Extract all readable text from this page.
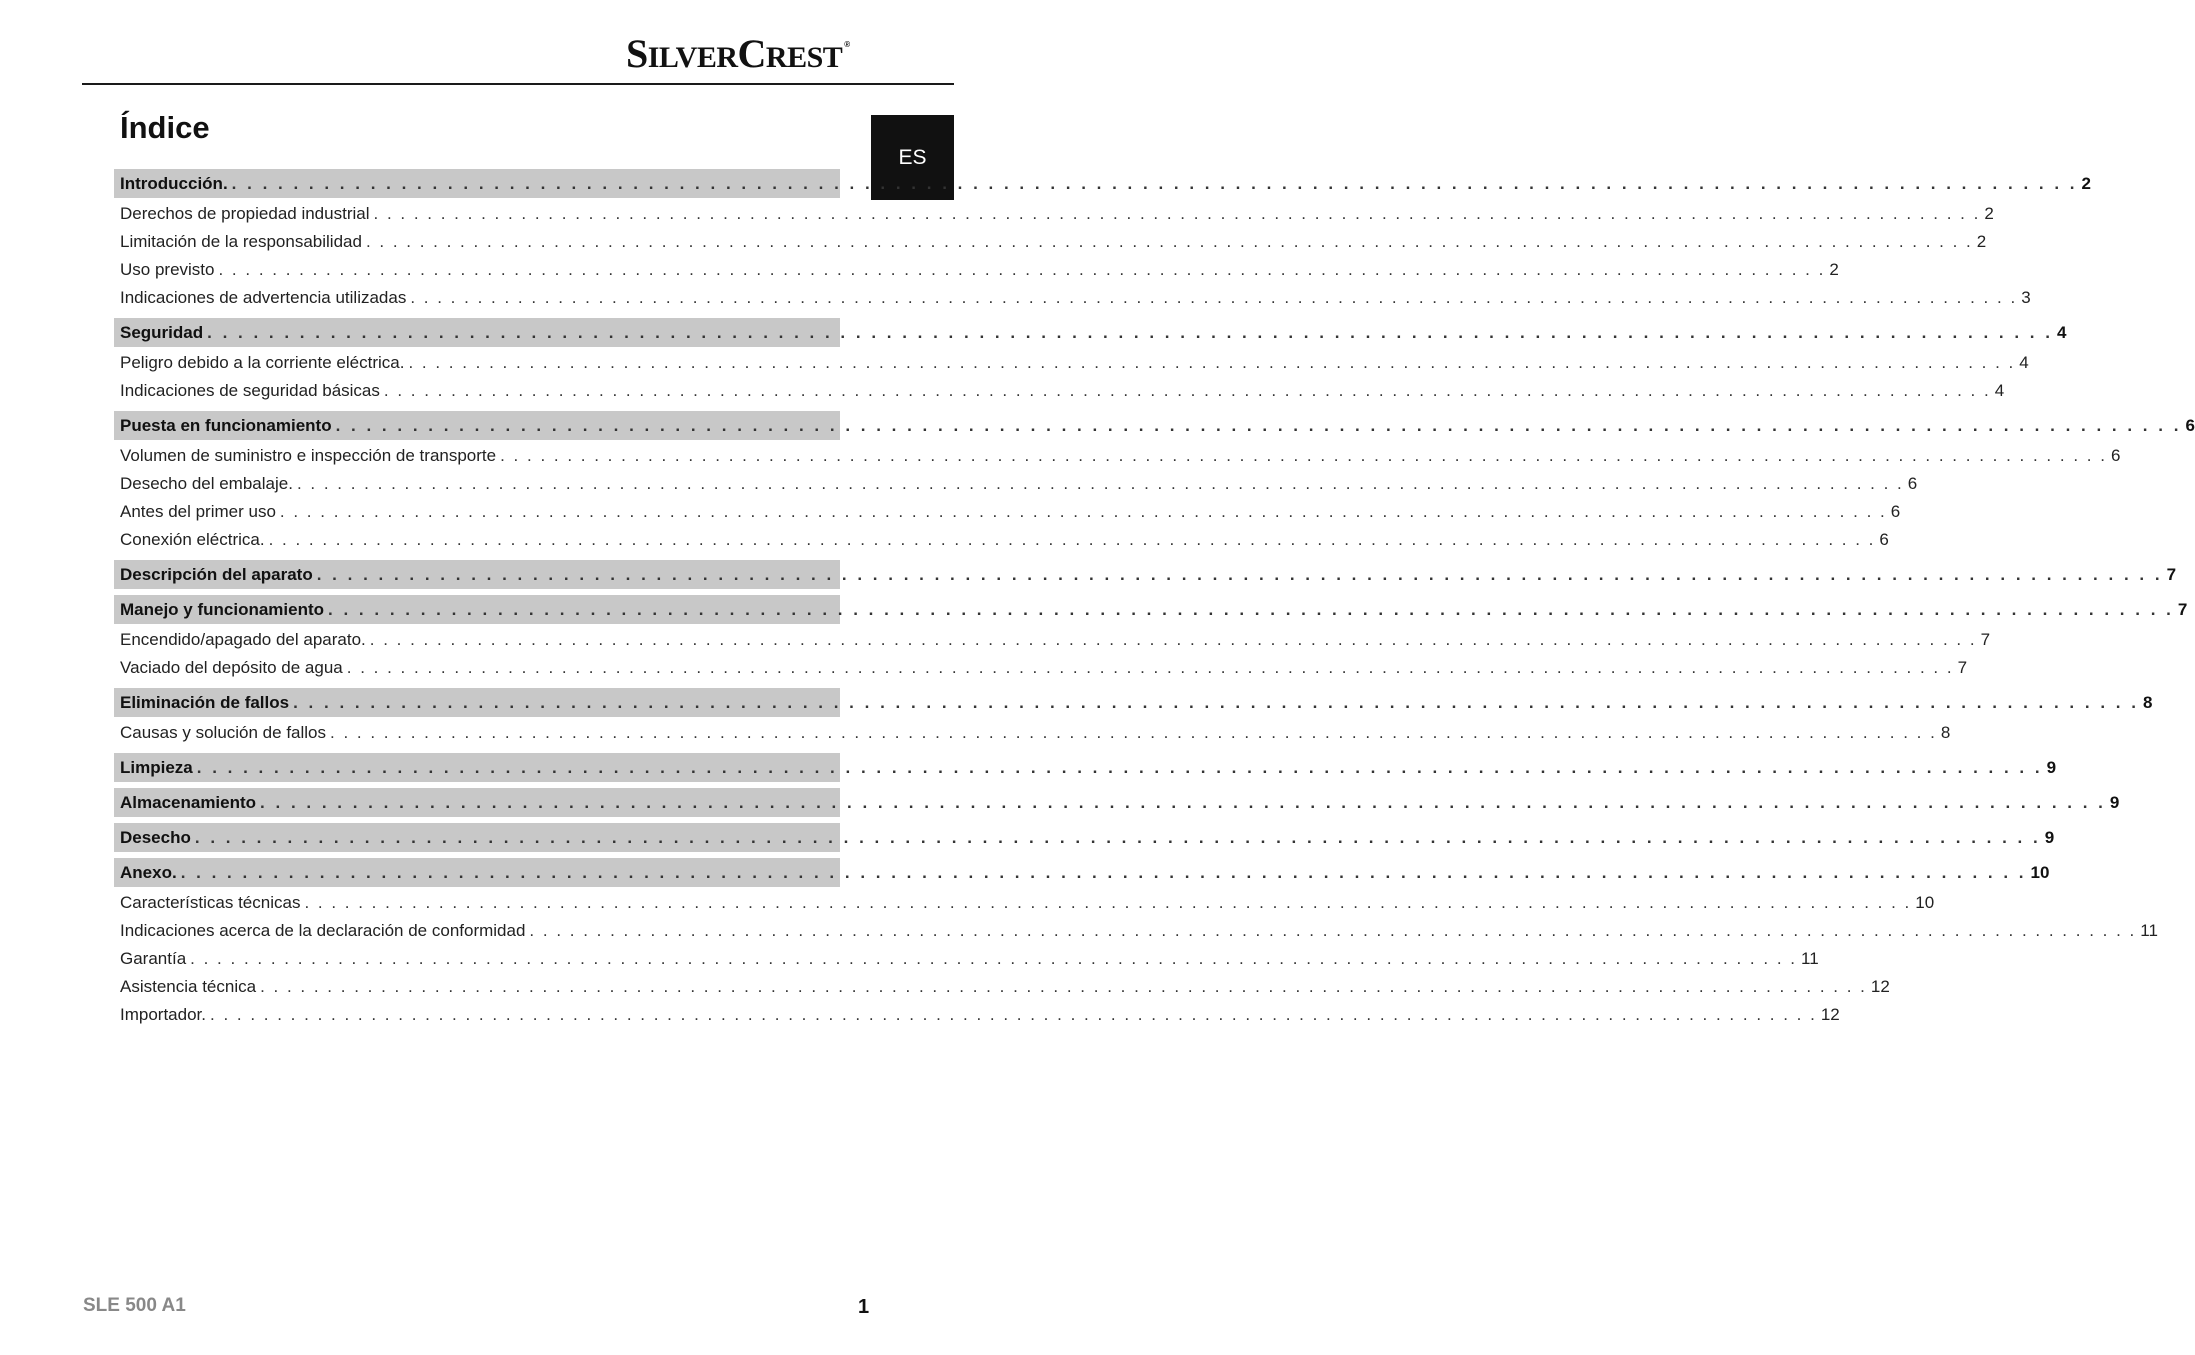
SILVERCREST ®
ES
Índice
Introducción. . . . . . . . . . . . . . . . . . . . . . . . . . . . . . . . . . . . . . . . . . . . . . . . . . . . . . . . . . . . . . . . . . . . . . . . . . . . . . . . . . . . . . . . . . . . . . . . . . . . . . . . . . . . . . . . . . . . . . . . . 2
Derechos de propiedad industrial . . . . . . . . . . . . . . . . . . . . . . . . . . . . . . . . . . . . . . . . . . . . . . . . . . . . . . . . . . . . . . . . . . . . . . . . . . . . . . . . . . . . . . . . . . . . . . . . . . . . . . . . . . . . . . . . . . . . . . . . 2
Limitación de la responsabilidad . . . . . . . . . . . . . . . . . . . . . . . . . . . . . . . . . . . . . . . . . . . . . . . . . . . . . . . . . . . . . . . . . . . . . . . . . . . . . . . . . . . . . . . . . . . . . . . . . . . . . . . . . . . . . . . . . . . . . . . . 2
Uso previsto . . . . . . . . . . . . . . . . . . . . . . . . . . . . . . . . . . . . . . . . . . . . . . . . . . . . . . . . . . . . . . . . . . . . . . . . . . . . . . . . . . . . . . . . . . . . . . . . . . . . . . . . . . . . . . . . . . . . . . . . 2
Indicaciones de advertencia utilizadas . . . . . . . . . . . . . . . . . . . . . . . . . . . . . . . . . . . . . . . . . . . . . . . . . . . . . . . . . . . . . . . . . . . . . . . . . . . . . . . . . . . . . . . . . . . . . . . . . . . . . . . . . . . . . . . . . . . . . . . . 3
Seguridad . . . . . . . . . . . . . . . . . . . . . . . . . . . . . . . . . . . . . . . . . . . . . . . . . . . . . . . . . . . . . . . . . . . . . . . . . . . . . . . . . . . . . . . . . . . . . . . . . . . . . . . . . . . . . . . . . . . . . . . . 4
Peligro debido a la corriente eléctrica. . . . . . . . . . . . . . . . . . . . . . . . . . . . . . . . . . . . . . . . . . . . . . . . . . . . . . . . . . . . . . . . . . . . . . . . . . . . . . . . . . . . . . . . . . . . . . . . . . . . . . . . . . . . . . . . . . . . . . . . . 4
Indicaciones de seguridad básicas . . . . . . . . . . . . . . . . . . . . . . . . . . . . . . . . . . . . . . . . . . . . . . . . . . . . . . . . . . . . . . . . . . . . . . . . . . . . . . . . . . . . . . . . . . . . . . . . . . . . . . . . . . . . . . . . . . . . . . . . 4
Puesta en funcionamiento . . . . . . . . . . . . . . . . . . . . . . . . . . . . . . . . . . . . . . . . . . . . . . . . . . . . . . . . . . . . . . . . . . . . . . . . . . . . . . . . . . . . . . . . . . . . . . . . . . . . . . . . . . . . . . . . . . . . . . . . 6
Volumen de suministro e inspección de transporte . . . . . . . . . . . . . . . . . . . . . . . . . . . . . . . . . . . . . . . . . . . . . . . . . . . . . . . . . . . . . . . . . . . . . . . . . . . . . . . . . . . . . . . . . . . . . . . . . . . . . . . . . . . . . . . . . . . . . . . . 6
Desecho del embalaje. . . . . . . . . . . . . . . . . . . . . . . . . . . . . . . . . . . . . . . . . . . . . . . . . . . . . . . . . . . . . . . . . . . . . . . . . . . . . . . . . . . . . . . . . . . . . . . . . . . . . . . . . . . . . . . . . . . . . . . . . 6
Antes del primer uso . . . . . . . . . . . . . . . . . . . . . . . . . . . . . . . . . . . . . . . . . . . . . . . . . . . . . . . . . . . . . . . . . . . . . . . . . . . . . . . . . . . . . . . . . . . . . . . . . . . . . . . . . . . . . . . . . . . . . . . . 6
Conexión eléctrica. . . . . . . . . . . . . . . . . . . . . . . . . . . . . . . . . . . . . . . . . . . . . . . . . . . . . . . . . . . . . . . . . . . . . . . . . . . . . . . . . . . . . . . . . . . . . . . . . . . . . . . . . . . . . . . . . . . . . . . . . 6
Descripción del aparato . . . . . . . . . . . . . . . . . . . . . . . . . . . . . . . . . . . . . . . . . . . . . . . . . . . . . . . . . . . . . . . . . . . . . . . . . . . . . . . . . . . . . . . . . . . . . . . . . . . . . . . . . . . . . . . . . . . . . . . . 7
Manejo y funcionamiento . . . . . . . . . . . . . . . . . . . . . . . . . . . . . . . . . . . . . . . . . . . . . . . . . . . . . . . . . . . . . . . . . . . . . . . . . . . . . . . . . . . . . . . . . . . . . . . . . . . . . . . . . . . . . . . . . . . . . . . . 7
Encendido/apagado del aparato. . . . . . . . . . . . . . . . . . . . . . . . . . . . . . . . . . . . . . . . . . . . . . . . . . . . . . . . . . . . . . . . . . . . . . . . . . . . . . . . . . . . . . . . . . . . . . . . . . . . . . . . . . . . . . . . . . . . . . . . . 7
Vaciado del depósito de agua . . . . . . . . . . . . . . . . . . . . . . . . . . . . . . . . . . . . . . . . . . . . . . . . . . . . . . . . . . . . . . . . . . . . . . . . . . . . . . . . . . . . . . . . . . . . . . . . . . . . . . . . . . . . . . . . . . . . . . . . 7
Eliminación de fallos . . . . . . . . . . . . . . . . . . . . . . . . . . . . . . . . . . . . . . . . . . . . . . . . . . . . . . . . . . . . . . . . . . . . . . . . . . . . . . . . . . . . . . . . . . . . . . . . . . . . . . . . . . . . . . . . . . . . . . . . 8
Causas y solución de fallos . . . . . . . . . . . . . . . . . . . . . . . . . . . . . . . . . . . . . . . . . . . . . . . . . . . . . . . . . . . . . . . . . . . . . . . . . . . . . . . . . . . . . . . . . . . . . . . . . . . . . . . . . . . . . . . . . . . . . . . . 8
Limpieza . . . . . . . . . . . . . . . . . . . . . . . . . . . . . . . . . . . . . . . . . . . . . . . . . . . . . . . . . . . . . . . . . . . . . . . . . . . . . . . . . . . . . . . . . . . . . . . . . . . . . . . . . . . . . . . . . . . . . . . . 9
Almacenamiento . . . . . . . . . . . . . . . . . . . . . . . . . . . . . . . . . . . . . . . . . . . . . . . . . . . . . . . . . . . . . . . . . . . . . . . . . . . . . . . . . . . . . . . . . . . . . . . . . . . . . . . . . . . . . . . . . . . . . . . . 9
Desecho . . . . . . . . . . . . . . . . . . . . . . . . . . . . . . . . . . . . . . . . . . . . . . . . . . . . . . . . . . . . . . . . . . . . . . . . . . . . . . . . . . . . . . . . . . . . . . . . . . . . . . . . . . . . . . . . . . . . . . . . 9
Anexo. . . . . . . . . . . . . . . . . . . . . . . . . . . . . . . . . . . . . . . . . . . . . . . . . . . . . . . . . . . . . . . . . . . . . . . . . . . . . . . . . . . . . . . . . . . . . . . . . . . . . . . . . . . . . . . . . . . . . . . . . 10
Características técnicas . . . . . . . . . . . . . . . . . . . . . . . . . . . . . . . . . . . . . . . . . . . . . . . . . . . . . . . . . . . . . . . . . . . . . . . . . . . . . . . . . . . . . . . . . . . . . . . . . . . . . . . . . . . . . . . . . . . . . . . . 10
Indicaciones acerca de la declaración de conformidad . . . . . . . . . . . . . . . . . . . . . . . . . . . . . . . . . . . . . . . . . . . . . . . . . . . . . . . . . . . . . . . . . . . . . . . . . . . . . . . . . . . . . . . . . . . . . . . . . . . . . . . . . . . . . . . . . . . . . . . . 11
Garantía . . . . . . . . . . . . . . . . . . . . . . . . . . . . . . . . . . . . . . . . . . . . . . . . . . . . . . . . . . . . . . . . . . . . . . . . . . . . . . . . . . . . . . . . . . . . . . . . . . . . . . . . . . . . . . . . . . . . . . . . 11
Asistencia técnica . . . . . . . . . . . . . . . . . . . . . . . . . . . . . . . . . . . . . . . . . . . . . . . . . . . . . . . . . . . . . . . . . . . . . . . . . . . . . . . . . . . . . . . . . . . . . . . . . . . . . . . . . . . . . . . . . . . . . . . . 12
Importador. . . . . . . . . . . . . . . . . . . . . . . . . . . . . . . . . . . . . . . . . . . . . . . . . . . . . . . . . . . . . . . . . . . . . . . . . . . . . . . . . . . . . . . . . . . . . . . . . . . . . . . . . . . . . . . . . . . . . . . . . 12
SLE 500 A1	1
